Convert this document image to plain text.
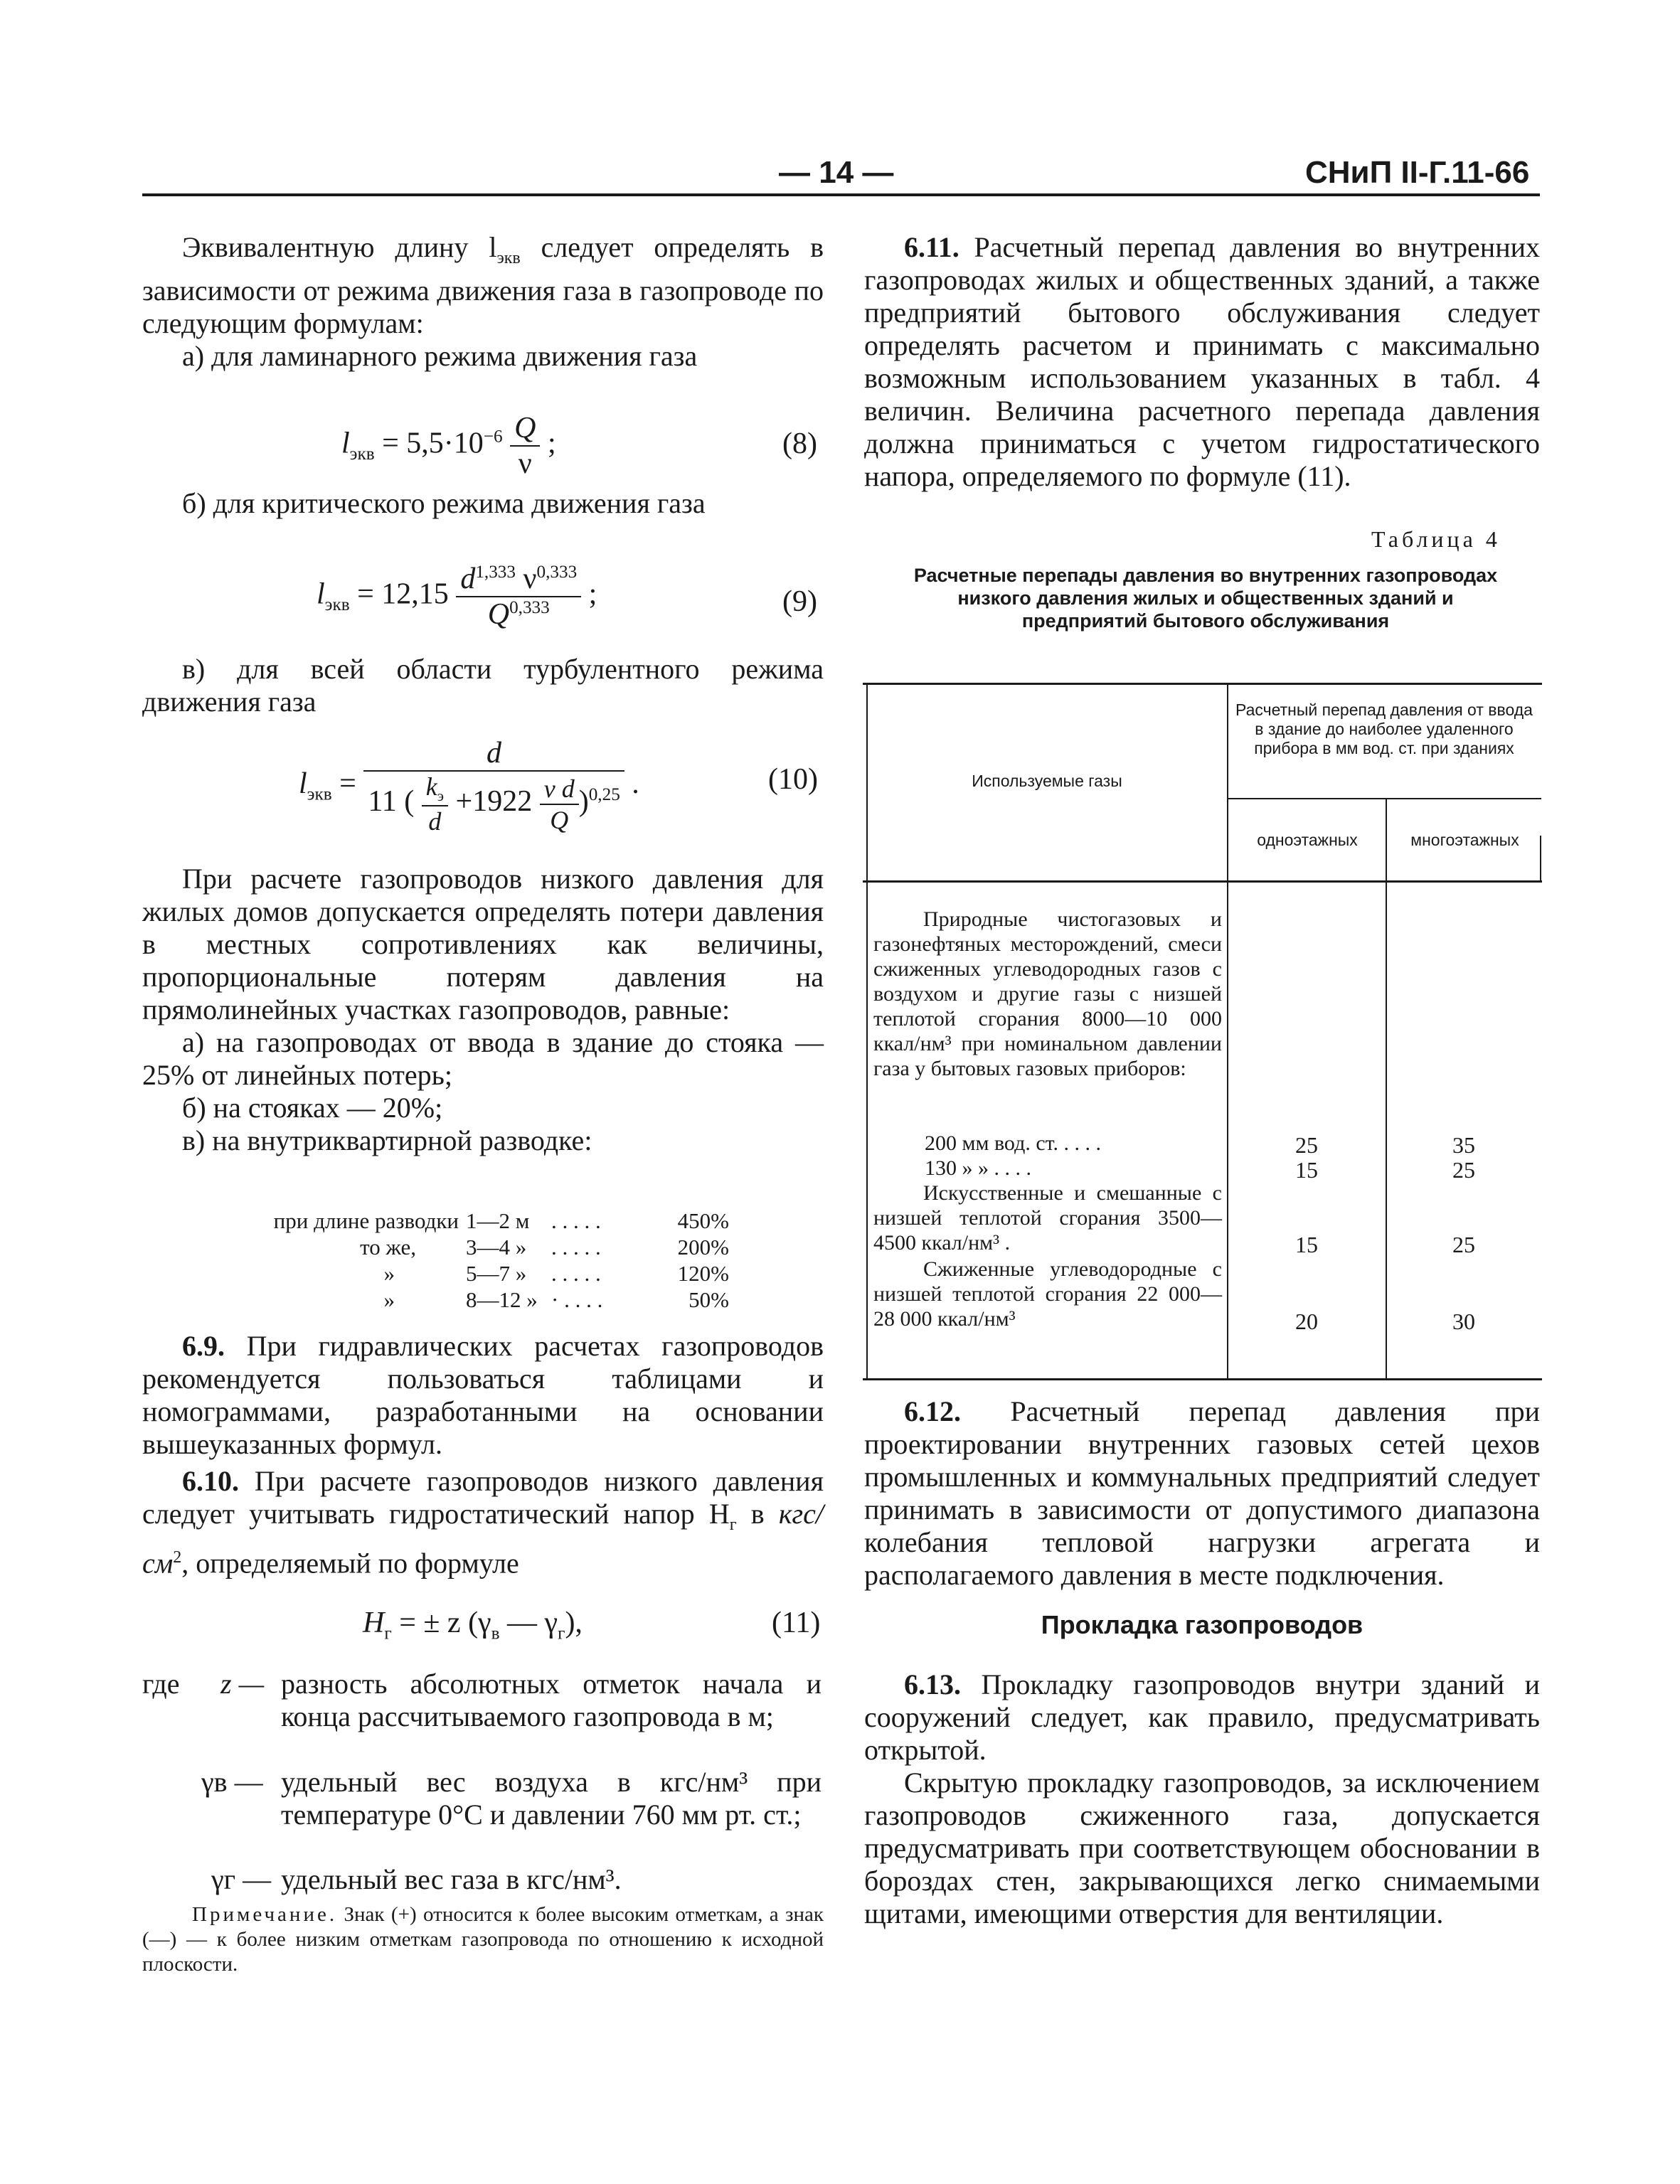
— 14 —	СНиП II-Г.11-66

Эквивалентную длину $l_{экв}$ следует определять в зависимости от режима движения газа в газопроводе по следующим формулам:

а) для ламинарного режима движения газа

$l_{экв} = 5,5\cdot 10^{-6} \frac{Q}{\nu}$ ;	(8)

б) для критического режима движения газа

$l_{экв} = 12,15 \frac{d^{1,333} \nu^{0,333}}{Q^{0,333}}$ ;	(9)

в) для всей области турбулентного режима движения газа

$l_{экв} = \frac{d}{11 ( \frac{k_э}{d} +1922 \frac{\text{ν d}}{Q} )^{0,25}}$ .	(10)

При расчете газопроводов низкого давления для жилых домов допускается определять потери давления в местных сопротивлениях как величины, пропорциональные потерям давления на прямолинейных участках газопроводов, равные:

а) на газопроводах от ввода в здание до стояка — 25% от линейных потерь;

б) на стояках — 20%;

в) на внутриквартирной разводке:

при длине разводки 1—2 м . . . . .	450%
то же,	3—4 »	. . . . .	200%
»	5—7 »	. . . . .	120%
»	8—12 » · . . . .	50%

6.9. При гидравлических расчетах газопроводов рекомендуется пользоваться таблицами и номограммами, разработанными на основании вышеуказанных формул.

6.10. При расчете газопроводов низкого давления следует учитывать гидростатический напор $H_г$ в кгс/$см^2$, определяемый по формуле

$H_г$ = ± z ($\gamma_в$ — $\gamma_г$),	(11)
где z — разность абсолютных отметок начала и конца рассчитываемого газопровода в м;
γв — удельный вес воздуха в кгс/нм³ при температуре 0°С и давлении 760 мм рт. ст.;
γг — удельный вес газа в кгс/нм³.
Примечание. Знак (+) относится к более высоким отметкам, а знак (—) — к более низким отметкам газопровода по отношению к исходной плоскости.

6.11. Расчетный перепад давления во внутренних газопроводах жилых и общественных зданий, а также предприятий бытового обслуживания следует определять расчетом и принимать с максимально возможным использованием указанных в табл. 4 величин. Величина расчетного перепада давления должна приниматься с учетом гидростатического напора, определяемого по формуле (11).

Таблица 4
Расчетные перепады давления во внутренних газопроводах низкого давления жилых и общественных зданий и предприятий бытового обслуживания
Используемые газы
Расчетный перепад давления от ввода в здание до наиболее удаленного прибора в мм вод. ст. при зданиях
одноэтажных	многоэтажных
Природные чистогазовых и газонефтяных месторождений, смеси сжиженных углеводородных газов с воздухом и другие газы с низшей теплотой сгорания 8000—10 000 ккал/нм³ при номинальном давлении газа у бытовых газовых приборов:
200 мм вод. ст. . . . .	25	35
130 » » . . . .	15	25
Искусственные и смешанные с низшей теплотой сгорания 3500—4500 ккал/нм³ .	15	25
Сжиженные углеводородные с низшей теплотой сгорания 22 000—28 000 ккал/нм³	20	30

6.12. Расчетный перепад давления при проектировании внутренних газовых сетей цехов промышленных и коммунальных предприятий следует принимать в зависимости от допустимого диапазона колебания тепловой нагрузки агрегата и располагаемого давления в месте подключения.

Прокладка газопроводов

6.13. Прокладку газопроводов внутри зданий и сооружений следует, как правило, предусматривать открытой.

Скрытую прокладку газопроводов, за исключением газопроводов сжиженного газа, допускается предусматривать при соответствующем обосновании в бороздах стен, закрывающихся легко снимаемыми щитами, имеющими отверстия для вентиляции.
